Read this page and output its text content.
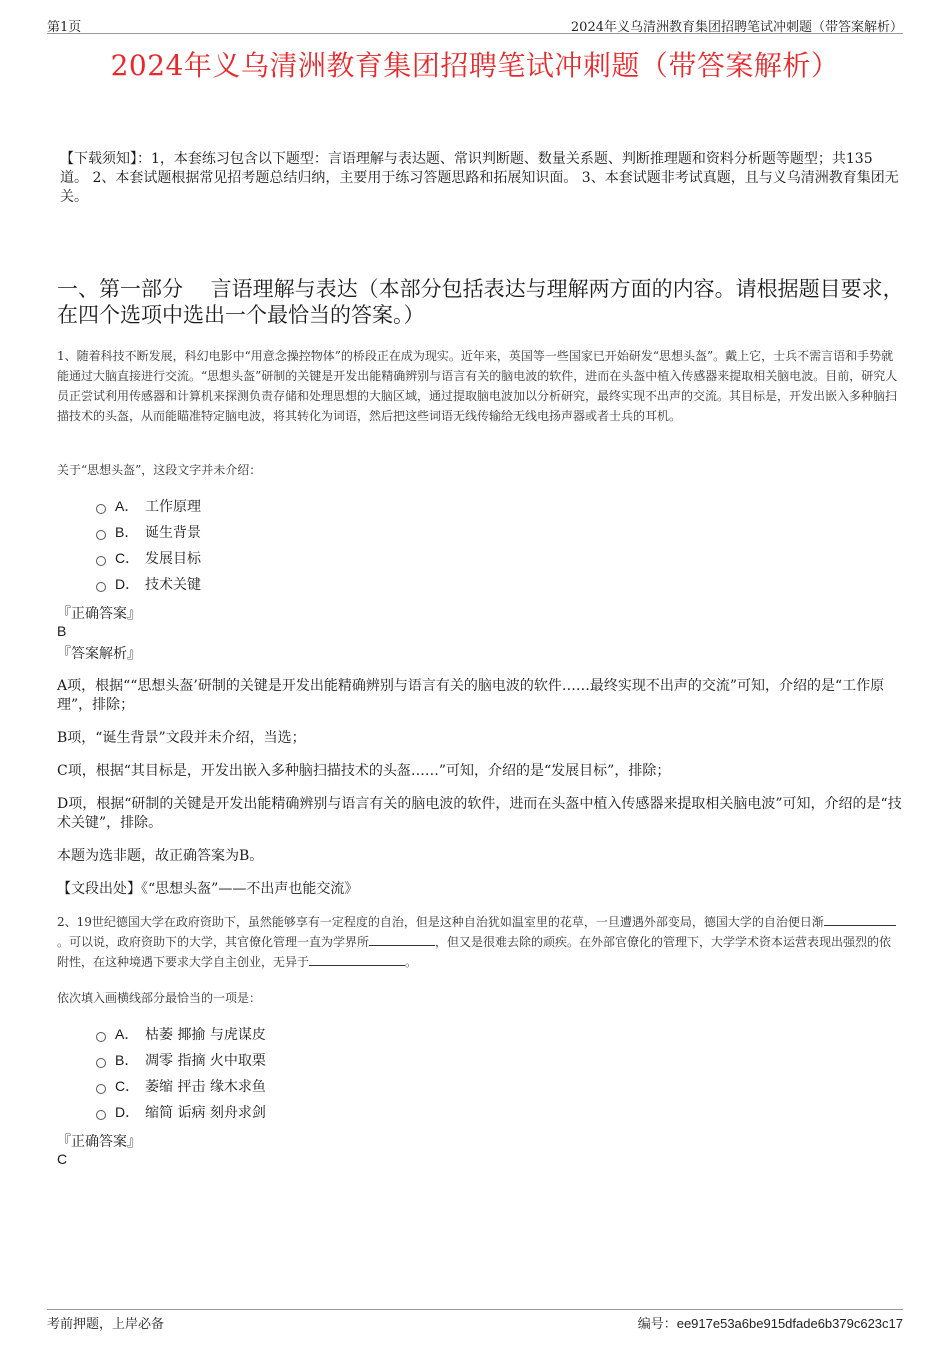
第1页	2024年义乌清洲教育集团招聘笔试冲刺题（带答案解析）
2024年义乌清洲教育集团招聘笔试冲刺题（带答案解析）
【下载须知】：1，本套练习包含以下题型：言语理解与表达题、常识判断题、数量关系题、判断推理题和资料分析题等题型；共135道。 2、本套试题根据常见招考题总结归纳，主要用于练习答题思路和拓展知识面。 3、本套试题非考试真题，且与义乌清洲教育集团无关。
一、第一部分　 言语理解与表达（本部分包括表达与理解两方面的内容。请根据题目要求，在四个选项中选出一个最恰当的答案。）
1、随着科技不断发展，科幻电影中“用意念操控物体”的桥段正在成为现实。近年来，英国等一些国家已开始研发“思想头盔”。戴上它，士兵不需言语和手势就能通过大脑直接进行交流。“思想头盔”研制的关键是开发出能精确辨别与语言有关的脑电波的软件，进而在头盔中植入传感器来提取相关脑电波。目前，研究人员正尝试利用传感器和计算机来探测负责存储和处理思想的大脑区域，通过提取脑电波加以分析研究，最终实现不出声的交流。其目标是，开发出嵌入多种脑扫描技术的头盔，从而能瞄准特定脑电波，将其转化为词语，然后把这些词语无线传输给无线电扬声器或者士兵的耳机。
关于“思想头盔”，这段文字并未介绍：
A． 工作原理
B． 诞生背景
C． 发展目标
D． 技术关键
『正确答案』
B
『答案解析』

A项，根据““思想头盔’研制的关键是开发出能精确辨别与语言有关的脑电波的软件……最终实现不出声的交流”可知，介绍的是“工作原理”，排除；

B项，“诞生背景”文段并未介绍，当选；

C项，根据“其目标是，开发出嵌入多种脑扫描技术的头盔……”可知，介绍的是“发展目标”，排除；

D项，根据“研制的关键是开发出能精确辨别与语言有关的脑电波的软件，进而在头盔中植入传感器来提取相关脑电波”可知，介绍的是“技术关键”，排除。

本题为选非题，故正确答案为B。

【文段出处】《“思想头盔”——不出声也能交流》

2、19世纪德国大学在政府资助下，虽然能够享有一定程度的自治，但是这种自治犹如温室里的花草，一旦遭遇外部变局，德国大学的自治便日渐。可以说，政府资助下的大学，其官僚化管理一直为学界所	，但又是很难去除的顽疾。在外部官僚化的管理下，大学学术资本运营表现出强烈的依附性，在这种境遇下要求大学自主创业，无异于	。
依次填入画横线部分最恰当的一项是：
A． 枯萎 揶揄 与虎谋皮
B． 凋零 指摘 火中取栗
C． 萎缩 抨击 缘木求鱼
D． 缩简 诟病 刻舟求剑
『正确答案』
C
考前押题，上岸必备	编号：ee917e53a6be915dfade6b379c623c17
